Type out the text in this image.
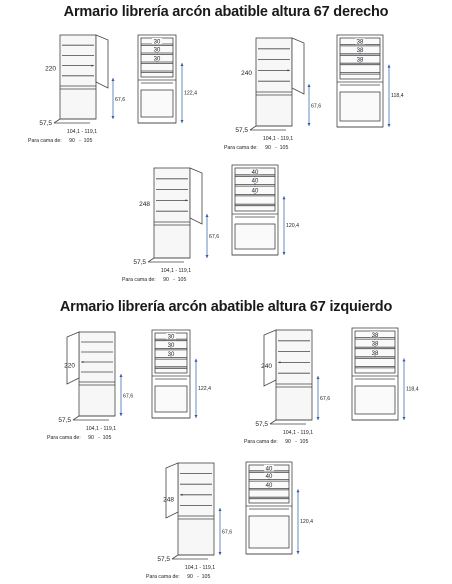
Armario librería arcón abatible altura 67 derecho
Armario librería arcón abatible altura 67 izquierdo
220
57,5
67,6
104,1 - 119,1
Para cama de: 90 - 105
30
30
30
122,4
240
57,5
67,6
104,1 - 119,1
Para cama de: 90 - 105
38
38
38
118,4
248
57,5
67,6
104,1 - 119,1
Para cama de: 90 - 105
40
40
40
120,4
220
57,5
67,6
104,1 - 119,1
Para cama de: 90 - 105
30
30
30
122,4
240
57,5
67,6
104,1 - 119,1
Para cama de: 90 - 105
38
38
38
118,4
248
57,5
67,6
104,1 - 119,1
Para cama de: 90 - 105
40
40
40
120,4
